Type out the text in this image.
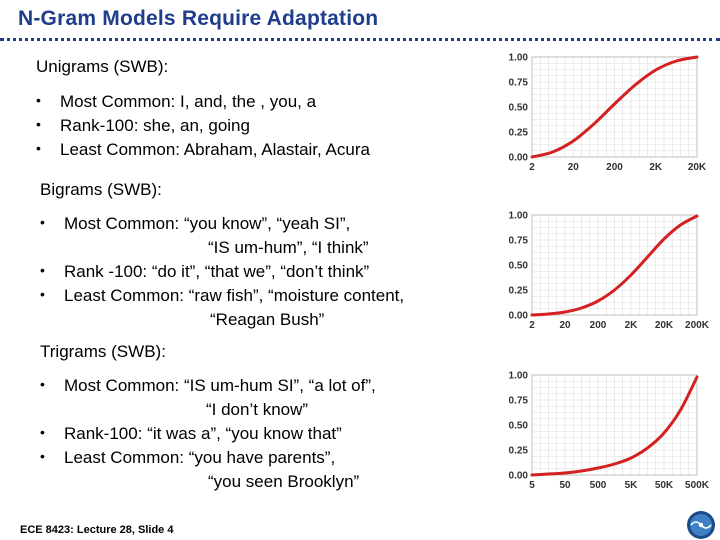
N-Gram Models Require Adaptation
Unigrams (SWB):
• Most Common: I, and, the , you, a
• Rank-100: she, an, going
• Least Common: Abraham, Alastair, Acura
Bigrams (SWB):
• Most Common: “you know”, “yeah SI”,
“IS um-hum”, “I think”
• Rank -100: “do it”, “that we”, “don’t think”
• Least Common: “raw fish”, “moisture content,
“Reagan Bush”
Trigrams (SWB):
• Most Common: “IS um-hum SI”, “a lot of”,
“I don’t know”
• Rank-100: “it was a”, “you know that”
• Least Common: “you have parents”,
“you seen Brooklyn”
0.00
0.25
0.50
0.75
1.00
2	20	200	2K	20K
0.00
0.25
0.50
0.75
1.00
2 20 200 2K 20K 200K
0.00
0.25
0.50
0.75
1.00
5 50 500 5K 50K 500K
ECE 8423: Lecture 28, Slide 4
